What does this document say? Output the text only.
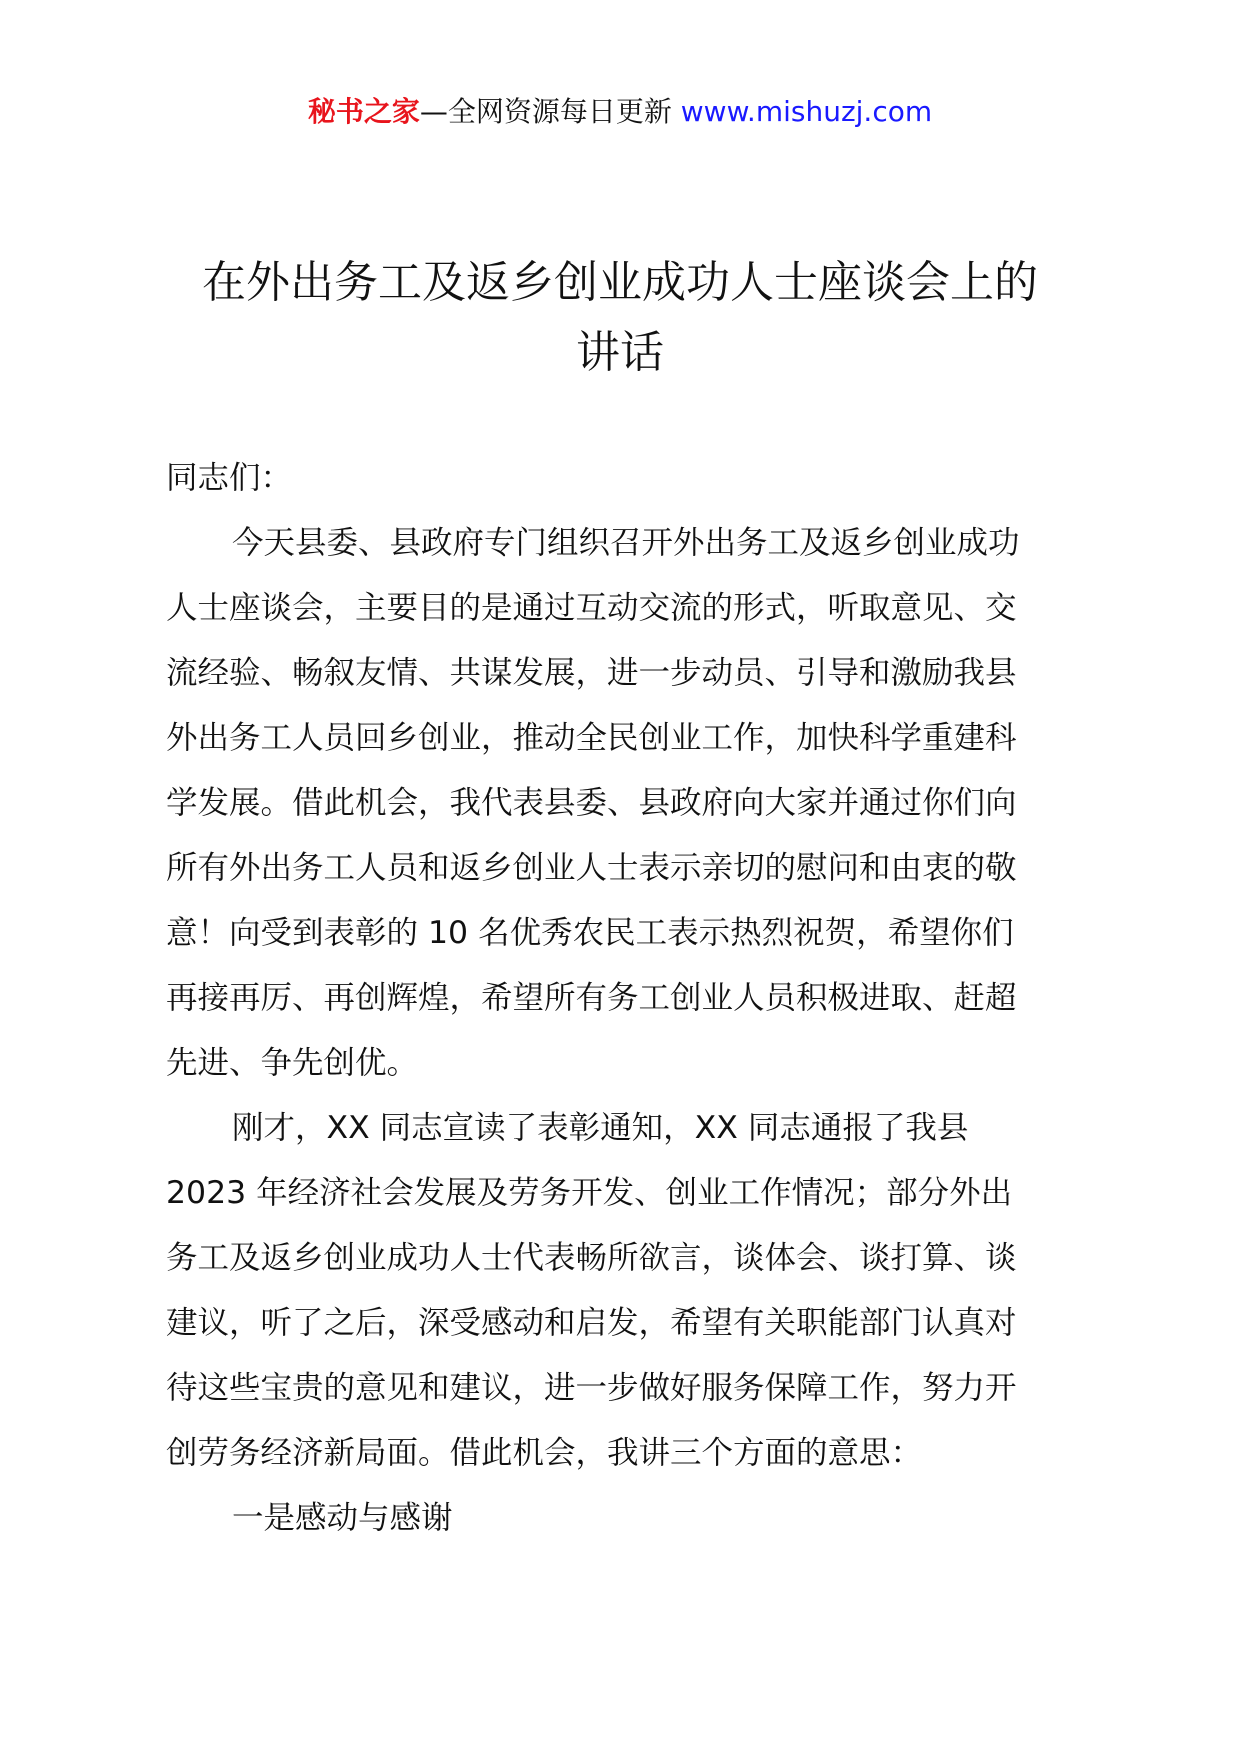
秘书之家—全网资源每日更新 www.mishuzj.com
在外出务工及返乡创业成功人士座谈会上的
讲话
同志们：
今天县委、县政府专门组织召开外出务工及返乡创业成功
人士座谈会，主要目的是通过互动交流的形式，听取意见、交
流经验、畅叙友情、共谋发展，进一步动员、引导和激励我县
外出务工人员回乡创业，推动全民创业工作，加快科学重建科
学发展。借此机会，我代表县委、县政府向大家并通过你们向
所有外出务工人员和返乡创业人士表示亲切的慰问和由衷的敬
意！向受到表彰的 10 名优秀农民工表示热烈祝贺，希望你们
再接再厉、再创辉煌，希望所有务工创业人员积极进取、赶超
先进、争先创优。
刚才，XX 同志宣读了表彰通知，XX 同志通报了我县
2023 年经济社会发展及劳务开发、创业工作情况；部分外出
务工及返乡创业成功人士代表畅所欲言，谈体会、谈打算、谈
建议，听了之后，深受感动和启发，希望有关职能部门认真对
待这些宝贵的意见和建议，进一步做好服务保障工作，努力开
创劳务经济新局面。借此机会，我讲三个方面的意思：
一是感动与感谢
